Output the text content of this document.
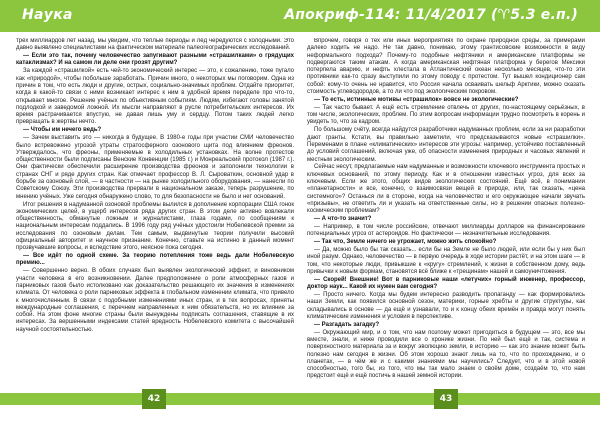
Наука	Апокриф-114: 11/4/2017 (♈5.3 е.п.)

трёх миллиардов лет назад, мы увидим, что тёплые периоды и лёд чередуются с холодными. Это давно выявлено специалистами на фактическом материале палеогеографических исследований.

— Если это так, почему человечество запугивают разными «страшилками» о грядущих катаклизмах? И на самом ли деле они грозят другим?

За каждой «страшилкой» есть чей-то экономический интерес — это, к сожалению, тоже пугало как «природой», чтобы побольше заработать. Причин много, о некоторых мы поговорим. Одна из причин в том, что есть люди и другие, острых, социально-значимых проблем. Отдайте приоритет, когда в какой-то связи с ними возникает интерес к ним в удобной время переделе про что-то, открывает многое. Решение учёных по объективным событиям. Людям, избегают головы занятой подлодкой и заведомой ложной. Их мысли направляют в русле потребительских интересов. Их время растрачивается впустую, не давая лишь уму и сердцу. Потом таких людей легко превращать в жертвы нечто.

— Чтобы им нечего ведь?

— Зачем выставить это — никогда в будущее. В 1980-е годы при участии СМИ человечество было встревожено угрозой утраты стратосферного озонового щита под влиянием фреонов. Утверждалось, что фреоны, применяемые в холодильных установках. На волне протестов общественности были подписаны Венские Конвенции (1985 г.) и Монреальский протокол (1987 г.). Они фактически обеспечили расширение производства фреонов и заполонили технологии в странах СНГ и ряде других стран. Как отмечает профессор В. Л. Сыроваткин, основной удар в борьбе за озоновый слой, — в частности — на рынке холодильного оборудования, — нанесли по Советскому Союзу. Эти производства прервали в национальном заказе, теперь разрушение, по мнению учёных. Уже сегодня обнаружено слово, то для безопасности не было и нет оснований.

Итог решения в надуманной озоновой проблемы вылился в дополнение корпорации США гонок экономических целей, в ущерб интересов ряда других стран. В этом деле активно вовлекали общественность, обманутые ложным и журналистами, глаза годами, по сообщениям к национальным интересам поддались. В 1996 году ряд учёных удостоили Нобелевской премии за исследования по озоновым делам. Тем самым, выдвинутые теории получили высокий официальный авторитет и научное признание. Конечно, ставьте на истинно в данный момент прозвучавшие вопросы, и вследствие этого, неясное пока сегодня.

— Все идёт по одной схеме. За теорию потепления тоже ведь дали Нобелевскую премию...

— Совершенно верно. В обоих случаях был выявлен экологический эффект, и виновником участи человека в его возникновении. Далее предположение о роли атмосферных газов и парниковых газов было истолковано как доказательство решающего их значения в изменениях климата. От человека о роли парниковых эффекта в глобальном изменении климата, что привело к многочисленным. В связи с подобными изменениями иных стран, и в тех вопросах, приняты международные соглашения, с перечнем направленных к ним обязательств, но их влияние за собой. На этом фоне многие страны были вынуждены подписать соглашения, ставящие в их интересах. За вершенными индексами статей вредность Нобелевского комитета с высочайшей научной состоятельностью.

Впрочем, говоря о тех или иных мероприятиях по охране природной среды, за примерами далеко ходить не надо. Не так давно, понимаю, этому грантисовские возможности в виду неформального подхода? Почему-то подобные нефтяники и американские платформы не подвергаются таким атакам. А когда американская нефтяная платформа у берегов Мексики потерпела аварию, и нефть хлестала в Атлантический океан несколько месяцев, что-то эти противники как-то сразу выступили по этому поводу с протестом. Тут вышел кондиционер сам собой: кому-то очень не нравится, что Россия начала осваивать шельф Арктики, можно сказать стоимость углеводородов, а то ли что под экологическим покровом.

— То есть, истинные мотивы «страшилок» вовсе не экологические?

— Так часто бывает. А ещё есть стремление отвлечь от других, по-настоящему серьёзных, в том числе, экологических, проблем. По этим вопросам информации трудно посмотреть в корень и увидеть то, что за кадром.

По большому счёту, всегда найдутся разработчики надуманных проблем, если за ни разработки дают гранты. Кстати, вы правильно заметили, что предсказываются новые «страшилки». Переменами в плане «климатических» интересов эти угрозы: например, устойчиво поставленный до условий соглашений, включая уже, об опасности изменения природных и часовых явлений и местным экологическим.

Сейчас несут, предлагаемые нам надуманные и возможности ключевого инструмента простых и ключевых оснований, по этому периоду. Как и в отношении известных угроз, для всех за ключевым. Если же этого, общих видов экологических состояний. Ещё всё, в понимании «планетарности» и все, конечно, о взаимосвязи вещей в природе, или, так сказать, «цена системного»? Останься ли в стороне, когда на человечество и его окружающее начали звучать «призывы», не ответить ли и указать на ответственные силы, но в решении опасных полезно-космическим проблемам?

— А что-то значит?

— Например, в том числе российские, отвечают миллиарды долларов на финансирование потенциальных угроз от астероидов. Но фактически — незначительные исследования.

— Так что, Земле ничего не угрожает, можно жить спокойно?

— Да, можно было бы так сказать... если бы на Земле не было людей, или если бы у них был иной разум. Однако, человечество — в первую очередь в ходе истории растёт, и на этом шаге — в том, что некоторые люди, привыкшие к «кругу» стремлений, к жизни в собственном дому, ведь привычки к новым формам, становятся всё ближе к «трещинам» нашей и самоуничтожения.

— Скорей! Внешние! Вот в парниковые наши «летучих» горный инженер, профессор, доктор наук... Какой их нужен вам сегодня?

— Просто ничего. Когда мы будем интересно разводить пропаганду — как формировались наши Земли, как появился основной сезон, материки, горные хребты и другие структуры, как складывались в основе — да ещё и узнавали, то и к концу обеих времён и правда могут понять климатические изменения и условия в перспективе.

— Разгадать загадку?

— Окружающий мир, и о том, что нам поэтому может пригодиться в будущем — это, все мы вместе, знали, и ниже проводили все о хронике жизни. По ней был ещё и так, система и поверхностного материала за и вокруг эволюцию земли, в историю — как это знание может быть полезно нам сегодня в жизни. Об этом хорошо знают лишь на то, что по прохождению, и о планетах, — в чём же и с какими знаниями мы научились? Следует, что и в этой новой способностью, того бы, из того, что мы так мало знаем о своём доме, создаём то, что нам предстоит ещё и ещё постичь в нашей земной истории.

42	43
